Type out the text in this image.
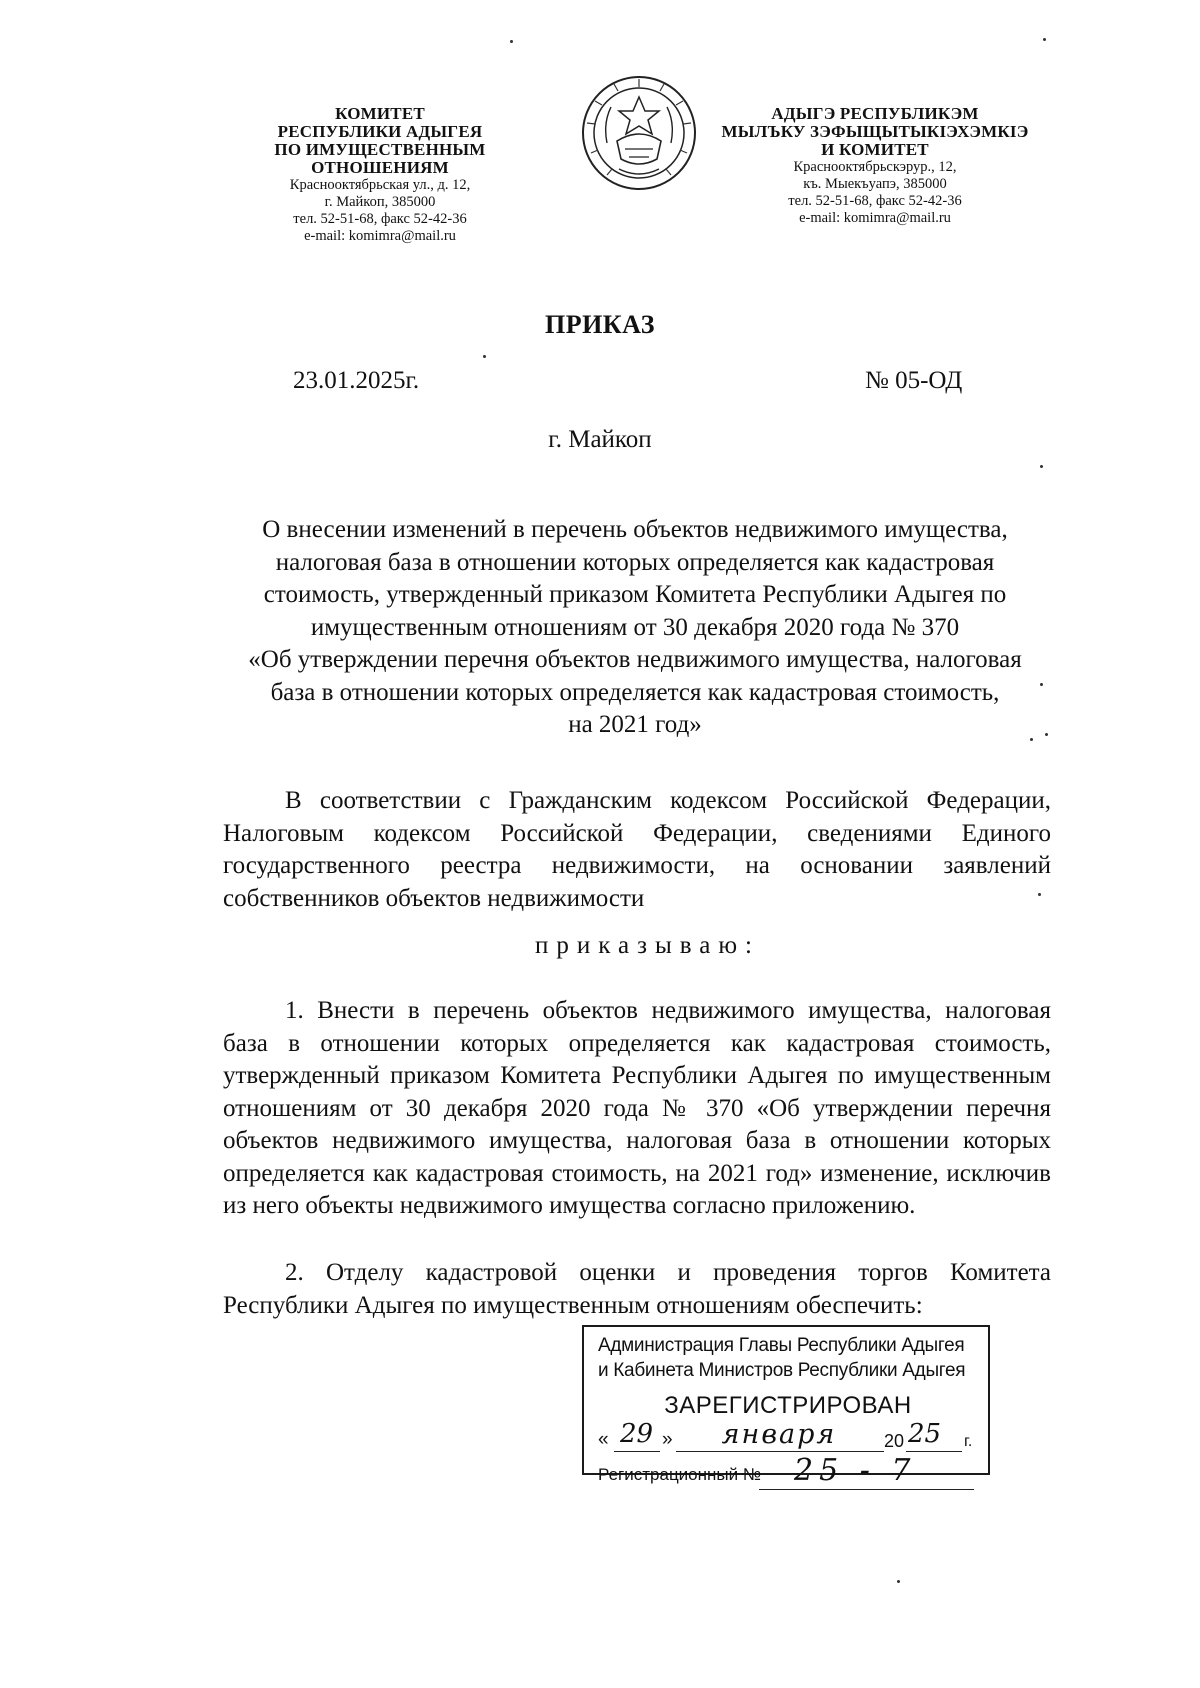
КОМИТЕТ
РЕСПУБЛИКИ АДЫГЕЯ
ПО ИМУЩЕСТВЕННЫМ ОТНОШЕНИЯМ
Краснооктябрьская ул., д. 12,
г. Майкоп, 385000
тел. 52-51-68, факс 52-42-36
e-mail: komimra@mail.ru
АДЫГЭ РЕСПУБЛИКЭМ
МЫЛЪКУ ЗЭФЫЩЫТЫКIЭХЭМКIЭ
И КОМИТЕТ
Краснооктябрьскэрур., 12,
къ. Мыекъуапэ, 385000
тел. 52-51-68, факс 52-42-36
e-mail: komimra@mail.ru
ПРИКАЗ
23.01.2025г.	№ 05-ОД
г. Майкоп
О внесении изменений в перечень объектов недвижимого имущества,
налоговая база в отношении которых определяется как кадастровая
стоимость, утвержденный приказом Комитета Республики Адыгея по
имущественным отношениям от 30 декабря 2020 года № 370
«Об утверждении перечня объектов недвижимого имущества, налоговая
база в отношении которых определяется как кадастровая стоимость,
на 2021 год»
В соответствии с Гражданским кодексом Российской Федерации, Налоговым кодексом Российской Федерации, сведениями Единого государственного реестра недвижимости, на основании заявлений собственников объектов недвижимости
приказываю:
1. Внести в перечень объектов недвижимого имущества, налоговая база в отношении которых определяется как кадастровая стоимость, утвержденный приказом Комитета Республики Адыгея по имущественным отношениям от 30 декабря 2020 года № 370 «Об утверждении перечня объектов недвижимого имущества, налоговая база в отношении которых определяется как кадастровая стоимость, на 2021 год» изменение, исключив из него объекты недвижимого имущества согласно приложению.
2. Отделу кадастровой оценки и проведения торгов Комитета Республики Адыгея по имущественным отношениям обеспечить:
Администрация Главы Республики Адыгея
и Кабинета Министров Республики Адыгея
ЗАРЕГИСТРИРОВАН
« 29 »	января	20 25 г.
Регистрационный № 25 - 7
